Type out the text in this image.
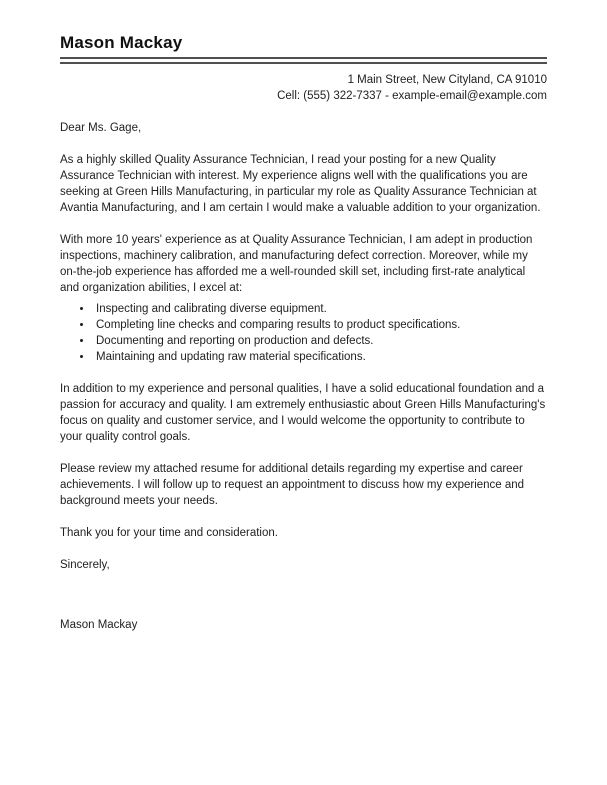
Mason Mackay
1 Main Street, New Cityland, CA 91010
Cell: (555) 322-7337 - example-email@example.com

Dear Ms. Gage,

As a highly skilled Quality Assurance Technician, I read your posting for a new Quality Assurance Technician with interest. My experience aligns well with the qualifications you are seeking at Green Hills Manufacturing, in particular my role as Quality Assurance Technician at Avantia Manufacturing, and I am certain I would make a valuable addition to your organization.

With more 10 years' experience as at Quality Assurance Technician, I am adept in production inspections, machinery calibration, and manufacturing defect correction. Moreover, while my on-the-job experience has afforded me a well-rounded skill set, including first-rate analytical and organization abilities, I excel at:

• Inspecting and calibrating diverse equipment.
• Completing line checks and comparing results to product specifications.
• Documenting and reporting on production and defects.
• Maintaining and updating raw material specifications.

In addition to my experience and personal qualities, I have a solid educational foundation and a passion for accuracy and quality. I am extremely enthusiastic about Green Hills Manufacturing's focus on quality and customer service, and I would welcome the opportunity to contribute to your quality control goals.

Please review my attached resume for additional details regarding my expertise and career achievements. I will follow up to request an appointment to discuss how my experience and background meets your needs.

Thank you for your time and consideration.

Sincerely,

Mason Mackay
